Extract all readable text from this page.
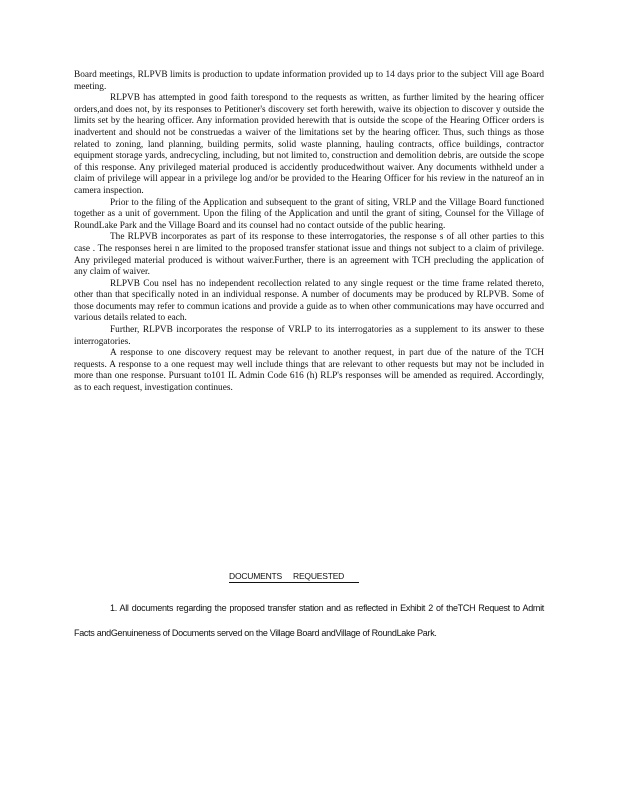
Board meetings, RLPVB limits is production to update information provided up to 14 days prior to the subject Vill age Board meeting.

RLPVB has attempted in good faith torespond to the requests as written, as further limited by the hearing officer orders,and does not, by its responses to Petitioner's discovery set forth herewith, waive its objection to discover y outside the limits set by the hearing officer. Any information provided herewith that is outside the scope of the Hearing Officer orders is inadvertent and should not be construedas a waiver of the limitations set by the hearing officer. Thus, such things as those related to zoning, land planning, building permits, solid waste planning, hauling contracts, office buildings, contractor equipment storage yards, andrecycling, including, but not limited to, construction and demolition debris, are outside the scope of this response. Any privileged material produced is accidently producedwithout waiver. Any documents withheld under a claim of privilege will appear in a privilege log and/or be provided to the Hearing Officer for his review in the natureof an in camera inspection.

Prior to the filing of the Application and subsequent to the grant of siting, VRLP and the Village Board functioned together as a unit of government. Upon the filing of the Application and until the grant of siting, Counsel for the Village of RoundLake Park and the Village Board and its counsel had no contact outside of the public hearing.

The RLPVB incorporates as part of its response to these interrogatories, the response s of all other parties to this case . The responses herei n are limited to the proposed transfer stationat issue and things not subject to a claim of privilege. Any privileged material produced is without waiver.Further, there is an agreement with TCH precluding the application of any claim of waiver.

RLPVB Cou nsel has no independent recollection related to any single request or the time frame related thereto, other than that specifically noted in an individual response. A number of documents may be produced by RLPVB. Some of those documents may refer to commun ications and provide a guide as to when other communications may have occurred and various details related to each.

Further, RLPVB incorporates the response of VRLP to its interrogatories as a supplement to its answer to these interrogatories.

A response to one discovery request may be relevant to another request, in part due of the nature of the TCH requests. A response to a one request may well include things that are relevant to other requests but may not be included in more than one response. Pursuant to101 IL Admin Code 616 (h) RLP's responses will be amended as required. Accordingly, as to each request, investigation continues.

DOCUMENTS REQUESTED
1. All documents regarding the proposed transfer station and as reflected in Exhibit 2 of theTCH Request to Admit Facts andGenuineness of Documents served on the Village Board andVillage of RoundLake Park.
